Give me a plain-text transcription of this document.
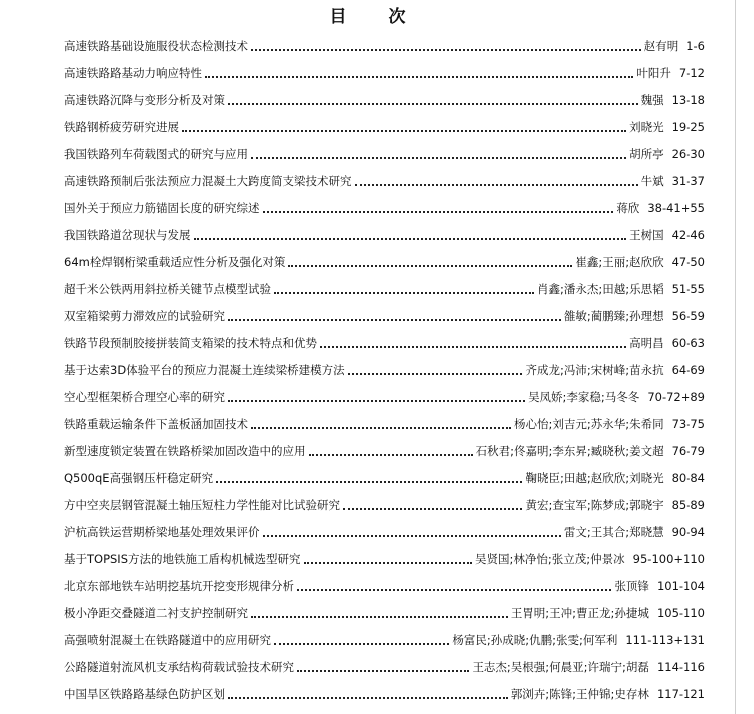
目 次
高速铁路基础设施服役状态检测技术	赵有明 1-6
高速铁路路基动力响应特性	叶阳升 7-12
高速铁路沉降与变形分析及对策	魏强 13-18
铁路钢桥疲劳研究进展	刘晓光 19-25
我国铁路列车荷载图式的研究与应用	胡所亭 26-30
高速铁路预制后张法预应力混凝土大跨度简支梁技术研究	牛斌 31-37
国外关于预应力筋锚固长度的研究综述	蒋欣 38-41+55
我国铁路道岔现状与发展	王树国 42-46
64m栓焊钢桁梁重载适应性分析及强化对策	崔鑫;王丽;赵欣欣 47-50
超千米公铁两用斜拉桥关键节点模型试验	肖鑫;潘永杰;田越;乐思韬 51-55
双室箱梁剪力滞效应的试验研究	雒敏;蔺鹏臻;孙理想 56-59
铁路节段预制胶接拼装简支箱梁的技术特点和优势	高明昌 60-63
基于达索3D体验平台的预应力混凝土连续梁桥建模方法	齐成龙;冯沛;宋树峰;苗永抗 64-69
空心型框架桥合理空心率的研究	吴凤娇;李家稳;马冬冬 70-72+89
铁路重载运输条件下盖板涵加固技术	杨心怡;刘吉元;苏永华;朱希同 73-75
新型速度锁定装置在铁路桥梁加固改造中的应用	石秋君;佟嘉明;李东昇;臧晓秋;姜文超 76-79
Q500qE高强钢压杆稳定研究	鞠晓臣;田越;赵欣欣;刘晓光 80-84
方中空夹层钢管混凝土轴压短柱力学性能对比试验研究	黄宏;查宝军;陈梦成;郭晓宇 85-89
沪杭高铁运营期桥梁地基处理效果评价	雷文;王其合;郑晓慧 90-94
基于TOPSIS方法的地铁施工盾构机械选型研究	吴贤国;林净怡;张立茂;仲景冰 95-100+110
北京东部地铁车站明挖基坑开挖变形规律分析	张顶锋 101-104
极小净距交叠隧道二衬支护控制研究	王胃明;王冲;曹正龙;孙捷城 105-110
高强喷射混凝土在铁路隧道中的应用研究	杨富民;孙成晓;仇鹏;张雯;何军利 111-113+131
公路隧道射流风机支承结构荷载试验技术研究	王志杰;吴根强;何晨亚;许瑞宁;胡磊 114-116
中国旱区铁路路基绿色防护区划	郭浏卉;陈锋;王仲锦;史存林 117-121
